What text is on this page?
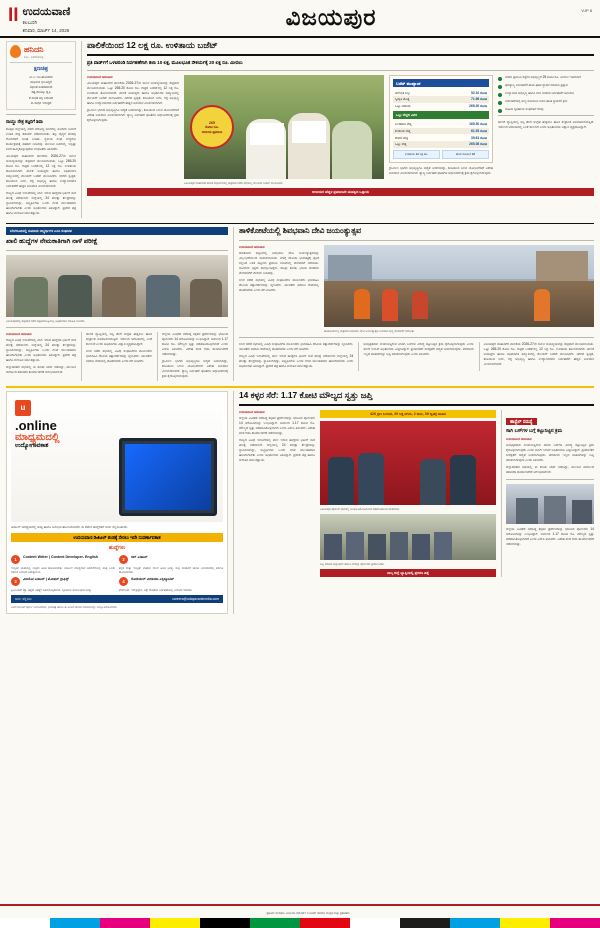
II ಉದಯವಾಣಿ
ಕಲಬುರಗಿ
ಶನಿವಾರ, ಮಾರ್ಚ್ 14, 2026
ವಿಜಯಪುರ	VJP 8
ಹನಿದನಿ
ಓದಿ.. ಬರೆದುಕೊಳ್ಳಿ
ಕ್ಷಣಚಿತ್ರ
ಮಿ ಏ ಇಡಿ ಹೊಸದಾಗಿ
ಸಾಧಿಸುವ ಛಲವಿದ್ದರೆ
ಸಫಲತೆ ಖಚಿತವಾಗಿದೆ
ಕಷ್ಟ ಕಾಲಕ್ಕೂ ಧೃತಿ
ಕೆ ಸಾಧಕ ತನ್ನ ಬದುಕಿದ
ಈ ಸಾಧನ ಇರುತ್ತದೆ
ನಾಯ್ಡು ನೇತ್ರ ತಜ್ಞರಿಗೆ ಶಿವಾ

ಕೊಪ್ಪಳ ಜಿಲ್ಲೆಯಲ್ಲಿ ನಡೆದ ಆರೋಗ್ಯ ಶಿಬಿರದಲ್ಲಿ ನೂರಾರು ಜನರಿಗೆ ಉಚಿತ ನೇತ್ರ ತಪಾಸಣೆ ನಡೆಸಲಾಯಿತು. ತಜ್ಞ ವೈದ್ಯರ ತಂಡವು ರೋಗಿಗಳಿಗೆ ಸಲಹೆ ನೀಡಿತು. ಸ್ಥಳೀಯ ಸಂಘ ಸಂಸ್ಥೆಗಳು ಕಾರ್ಯಕ್ರಮಕ್ಕೆ ಸಹಕಾರ ನೀಡಿದವು. ಮುಂದಿನ ದಿನಗಳಲ್ಲಿ ಇನ್ನಷ್ಟು ಶಿಬಿರ ಹಮ್ಮಿಕೊಳ್ಳುವುದಾಗಿ ಸಂಘಟಕರು ತಿಳಿಸಿದರು.

ವಿಜಯಪುರ ಮಹಾನಗರ ಪಾಲಿಕೆಯ 2026-27ನೇ ಸಾಲಿನ ಆಯವ್ಯಯವನ್ನು ಶುಕ್ರವಾರ ಮಂಡಿಸಲಾಯಿತು. ಒಟ್ಟು 265.20 ಕೋಟಿ ರೂ. ಗಾತ್ರದ ಬಜೆಟ್‌ನಲ್ಲಿ 12 ಲಕ್ಷ ರೂ. ಉಳಿತಾಯ ತೋರಿಸಲಾಗಿದೆ. ಪಾಲಿಕೆ ಆಯುಕ್ತರು ಹಾಗೂ ಅಧಿಕಾರಿಗಳ ಸಮ್ಮುಖದಲ್ಲಿ ಮೇಯರ್ ಬಜೆಟ್ ಮಂಡಿಸಿದರು. ನಗರದ ಸ್ವಚ್ಛತೆ, ಕುಡಿಯುವ ನೀರು, ರಸ್ತೆ ಅಭಿವೃದ್ಧಿ ಹಾಗೂ ಉದ್ಯಾನವನಗಳ ನಿರ್ವಹಣೆಗೆ ಹೆಚ್ಚಿನ ಅನುದಾನ ಮೀಸಲಿಡಲಾಗಿದೆ.

ರಾಜ್ಯದ ವಿವಿಧ ಇಲಾಖೆಗಳಲ್ಲಿ ಖಾಲಿ ಇರುವ ಹುದ್ದೆಗಳ ಭರ್ತಿಗೆ ನಾಳೆ ಪರೀಕ್ಷೆ ನಡೆಯಲಿದೆ. ಜಿಲ್ಲೆಯಲ್ಲಿ 24 ಪರೀಕ್ಷಾ ಕೇಂದ್ರಗಳನ್ನು ಸ್ಥಾಪಿಸಲಾಗಿದ್ದು, ಅಭ್ಯರ್ಥಿಗಳು ಒಂದು ಗಂಟೆ ಮುಂಚಿತವಾಗಿ ಹಾಜರಾಗಬೇಕು ಎಂದು ಅಧಿಕಾರಿಗಳು ತಿಳಿಸಿದ್ದಾರೆ. ಪ್ರವೇಶ ಪತ್ರ ಹಾಗೂ ಗುರುತಿನ ಚೀಟಿ ಕಡ್ಡಾಯ.

ಪಾಲಿಕೆಯಿಂದ 12 ಲಕ್ಷ ರೂ. ಉಳಿತಾಯ ಬಜೆಟ್
ಪ್ರತಿ ವಾರ್ಡ್‌ಗೆ ಒಳಚರಂಡಿ ನಿರ್ವಹಣೆಗಾಗಿ ತಲಾ 10 ಲಕ್ಷ, ಮೂಲಭೂತ ಸೌಕರ್ಯಕ್ಕೆ 20 ಲಕ್ಷ ರೂ. ಮೀಸಲು
ಉದಯವಾಣಿ ಸಮಾಚಾರ

ವಿಜಯಪುರ ಮಹಾನಗರ ಪಾಲಿಕೆಯ 2026-27ನೇ ಸಾಲಿನ ಆಯವ್ಯಯವನ್ನು ಶುಕ್ರವಾರ ಮಂಡಿಸಲಾಯಿತು. ಒಟ್ಟು 265.20 ಕೋಟಿ ರೂ. ಗಾತ್ರದ ಬಜೆಟ್‌ನಲ್ಲಿ 12 ಲಕ್ಷ ರೂ. ಉಳಿತಾಯ ತೋರಿಸಲಾಗಿದೆ. ಪಾಲಿಕೆ ಆಯುಕ್ತರು ಹಾಗೂ ಅಧಿಕಾರಿಗಳ ಸಮ್ಮುಖದಲ್ಲಿ ಮೇಯರ್ ಬಜೆಟ್ ಮಂಡಿಸಿದರು. ನಗರದ ಸ್ವಚ್ಛತೆ, ಕುಡಿಯುವ ನೀರು, ರಸ್ತೆ ಅಭಿವೃದ್ಧಿ ಹಾಗೂ ಉದ್ಯಾನವನಗಳ ನಿರ್ವಹಣೆಗೆ ಹೆಚ್ಚಿನ ಅನುದಾನ ಮೀಸಲಿಡಲಾಗಿದೆ.

ಗ್ರಾಮೀಣ ಭಾಗದ ಅಭಿವೃದ್ಧಿಗೂ ಆದ್ಯತೆ ನೀಡಲಾಗಿದ್ದು, ಕುಡಿಯುವ ನೀರಿನ ಯೋಜನೆಗಳಿಗೆ ವಿಶೇಷ ಅನುದಾನ ಮೀಸಲಿಡಲಾಗಿದೆ. ತ್ಯಾಜ್ಯ ನಿರ್ವಹಣೆ ಘಟಕಗಳ ಆಧುನೀಕರಣಕ್ಕೆ ಕ್ರಮ ಕೈಗೊಳ್ಳಲಾಗುವುದು.

265
ಕೋಟಿ ರೂ.
ಅದಾಯ ಪ್ರಮಾಣ
ವಿಜಯಪುರ ಮಹಾನಗರ ಪಾಲಿಕೆ ಸಭಾಂಗಣದಲ್ಲಿ ಶುಕ್ರವಾರ ನಡೆದ ಸಭೆಯಲ್ಲಿ ಮೇಯರ್ ಬಜೆಟ್ ಮಂಡಿಸಿದರು.
ಬಜೆಟ್ ಮುಖ್ಯಾಂಶ
ಆರಂಭಿಕ ಶಿಲ್ಕು	52.10 ಕೋಟಿ
ಸ್ವೀಕೃತಿ ಮೊತ್ತ	71.96 ಕೋಟಿ
ಒಟ್ಟು ಆದಾಯ	265.20 ಕೋಟಿ
ಒಟ್ಟು ವೆಚ್ಚದ ವಿವರ
ಬಂಡವಾಳ ವೆಚ್ಚ	165.30 ಕೋಟಿ
ಕಂದಾಯ ವೆಚ್ಚ	61.53 ಕೋಟಿ
ಠೇವಣಿ ವೆಚ್ಚ	39.61 ಕೋಟಿ
ಒಟ್ಟು ವೆಚ್ಚ	265.08 ಕೋಟಿ
ಉಳಿತಾಯ 12 ಲಕ್ಷ ರೂ.	ಹೊಸ ಯೋಜನೆ 18

ಗ್ರಾಮೀಣ ಭಾಗದ ಅಭಿವೃದ್ಧಿಗೂ ಆದ್ಯತೆ ನೀಡಲಾಗಿದ್ದು, ಕುಡಿಯುವ ನೀರಿನ ಯೋಜನೆಗಳಿಗೆ ವಿಶೇಷ ಅನುದಾನ ಮೀಸಲಿಡಲಾಗಿದೆ. ತ್ಯಾಜ್ಯ ನಿರ್ವಹಣೆ ಘಟಕಗಳ ಆಧುನೀಕರಣಕ್ಕೆ ಕ್ರಮ ಕೈಗೊಳ್ಳಲಾಗುವುದು.

ನಗರದ ಪ್ರಮುಖ ರಸ್ತೆಗಳ ಅಭಿವೃದ್ಧಿಗೆ 25 ಕೋಟಿ ರೂ. ಮೀಸಲು ಇಡಲಾಗಿದೆ
ಘನತ್ಯಾಜ್ಯ ನಿರ್ವಹಣೆಗೆ ಹೊಸ ಘಟಕ ಸ್ಥಾಪನೆ ಮಾಡುವ ಪ್ರಸ್ತಾವ
ಉದ್ಯಾನವನ ಅಭಿವೃದ್ಧಿ ಹಾಗೂ ಬೀದಿ ದೀಪಗಳ ನಿರ್ವಹಣೆಗೆ ಅನುದಾನ
ಬಡಾವಣೆಗಳಲ್ಲಿ ಶುದ್ಧ ಕುಡಿಯುವ ನೀರಿನ ಘಟಕ ಸ್ಥಾಪನೆಗೆ ಕ್ರಮ
ಮಹಿಳಾ ಸ್ವಸಹಾಯ ಸಂಘಗಳಿಗೆ ನೆರವು

ಪಾಲಿಕೆ ವ್ಯಾಪ್ತಿಯಲ್ಲಿ ಆಸ್ತಿ ತೆರಿಗೆ ಸಂಗ್ರಹ ಹೆಚ್ಚಿಸಲು ಹೊಸ ತಂತ್ರಾಂಶ ಅಳವಡಿಸಲಾಗುತ್ತಿದೆ. ಇದರಿಂದ ಆದಾಯದಲ್ಲಿ ಏರಿಕೆ ಕಾಣಲಿದೆ ಎಂದು ಅಧಿಕಾರಿಗಳು ವಿಶ್ವಾಸ ವ್ಯಕ್ತಪಡಿಸಿದ್ದಾರೆ.

ಆದಾಯದ ಹೆಚ್ಚಳ ಪ್ರಮಾಣವೇ ಮಹತ್ವದ ಒತ್ತಾಯ
ಬೆಂಗಳೂರಿನಲ್ಲಿ ಸುಮಾರು ಅಭ್ಯರ್ಥಿಗಳ ಎಸಿಸಿ ಸಂಘಟಿತ
ಖಾಲಿ ಹುದ್ದೆಗಳ ನೇಮಕಾತಿಗಾಗಿ ನಾಳೆ ಪರೀಕ್ಷೆ
ವಿಜಯಪುರದಲ್ಲಿ ಶುಕ್ರವಾರ ನಡೆದ ಪತ್ರಿಕಾಗೋಷ್ಠಿಯಲ್ಲಿ ಅಧಿಕಾರಿಗಳು ಮಾಹಿತಿ ನೀಡಿದರು.
ಉದಯವಾಣಿ ಸಮಾಚಾರ

ರಾಜ್ಯದ ವಿವಿಧ ಇಲಾಖೆಗಳಲ್ಲಿ ಖಾಲಿ ಇರುವ ಹುದ್ದೆಗಳ ಭರ್ತಿಗೆ ನಾಳೆ ಪರೀಕ್ಷೆ ನಡೆಯಲಿದೆ. ಜಿಲ್ಲೆಯಲ್ಲಿ 24 ಪರೀಕ್ಷಾ ಕೇಂದ್ರಗಳನ್ನು ಸ್ಥಾಪಿಸಲಾಗಿದ್ದು, ಅಭ್ಯರ್ಥಿಗಳು ಒಂದು ಗಂಟೆ ಮುಂಚಿತವಾಗಿ ಹಾಜರಾಗಬೇಕು ಎಂದು ಅಧಿಕಾರಿಗಳು ತಿಳಿಸಿದ್ದಾರೆ. ಪ್ರವೇಶ ಪತ್ರ ಹಾಗೂ ಗುರುತಿನ ಚೀಟಿ ಕಡ್ಡಾಯ.

ಜಿಲ್ಲಾಡಳಿತದ ಸಭೆಯಲ್ಲಿ ಈ ಕುರಿತು ಚರ್ಚೆ ನಡೆದಿದ್ದು, ಮುಂದಿನ ವಾರದಿಂದ ತಪಾಸಣಾ ಕಾರ್ಯಾಚರಣೆ ಆರಂಭವಾಗಲಿದೆ.

ಪಾಲಿಕೆ ವ್ಯಾಪ್ತಿಯಲ್ಲಿ ಆಸ್ತಿ ತೆರಿಗೆ ಸಂಗ್ರಹ ಹೆಚ್ಚಿಸಲು ಹೊಸ ತಂತ್ರಾಂಶ ಅಳವಡಿಸಲಾಗುತ್ತಿದೆ. ಇದರಿಂದ ಆದಾಯದಲ್ಲಿ ಏರಿಕೆ ಕಾಣಲಿದೆ ಎಂದು ಅಧಿಕಾರಿಗಳು ವಿಶ್ವಾಸ ವ್ಯಕ್ತಪಡಿಸಿದ್ದಾರೆ.

ಸಂಜೆ ನಡೆದ ಸಭೆಯಲ್ಲಿ ವಿವಿಧ ಸಂಘಟನೆಗಳ ಮುಖಂಡರು ಭಾಗವಹಿಸಿ ದೇವಿಯ ತತ್ವಾದರ್ಶಗಳನ್ನು ಸ್ಮರಿಸಿದರು. ಯುವಕರು ಸಮಾಜ ಸೇವೆಯಲ್ಲಿ ತೊಡಗಬೇಕು ಎಂದು ಕರೆ ನೀಡಿದರು.

ಜಿಲ್ಲೆಯ ವಿವಿಧೆಡೆ ನಡೆದಿದ್ದ ಕಳ್ಳತನ ಪ್ರಕರಣಗಳನ್ನು ಭೇದಿಸಿದ ಪೊಲೀಸರು 14 ಆರೋಪಿಗಳನ್ನು ಬಂಧಿಸಿದ್ದಾರೆ. ಅವರಿಂದ 1.17 ಕೋಟಿ ರೂ. ಮೌಲ್ಯದ ಸ್ವತ್ತು ವಶಪಡಿಸಿಕೊಳ್ಳಲಾಗಿದೆ ಎಂದು ಎಸ್‌ಪಿ ತಿಳಿಸಿದರು. ವಿಶೇಷ ತಂಡ ರಚಿಸಿ ಕಾರ್ಯಾಚರಣೆ ನಡೆಸಲಾಗಿತ್ತು.

ಗ್ರಾಮೀಣ ಭಾಗದ ಅಭಿವೃದ್ಧಿಗೂ ಆದ್ಯತೆ ನೀಡಲಾಗಿದ್ದು, ಕುಡಿಯುವ ನೀರಿನ ಯೋಜನೆಗಳಿಗೆ ವಿಶೇಷ ಅನುದಾನ ಮೀಸಲಿಡಲಾಗಿದೆ. ತ್ಯಾಜ್ಯ ನಿರ್ವಹಣೆ ಘಟಕಗಳ ಆಧುನೀಕರಣಕ್ಕೆ ಕ್ರಮ ಕೈಗೊಳ್ಳಲಾಗುವುದು.

ತಾಳಿಕೋಟೆಯಲ್ಲಿ ಶಿವಭವಾನಿ ದೇವಿ ಜಯಂತ್ಯುತ್ಸವ
ಉದಯವಾಣಿ ಸಮಾಚಾರ

ತಾಳಿಕೋಟೆ ಪಟ್ಟಣದಲ್ಲಿ ಶಿವಭವಾನಿ ದೇವಿ ಜಯಂತ್ಯುತ್ಸವವನ್ನು ವಿಜೃಂಭಣೆಯಿಂದ ಆಚರಿಸಲಾಯಿತು. ಬೆಳಗ್ಗೆ ದೇವಿಯ ಭಾವಚಿತ್ರಕ್ಕೆ ಪೂಜೆ ಸಲ್ಲಿಸಿದ ಬಳಿಕ ಪಟ್ಟಣದ ಪ್ರಮುಖ ಬೀದಿಗಳಲ್ಲಿ ಮೆರವಣಿಗೆ ನಡೆಯಿತು. ಸಾವಿರಾರು ಭಕ್ತರು ಪಾಲ್ಗೊಂಡಿದ್ದರು. ಡೊಳ್ಳು ಕುಣಿತ, ಭಜನಾ ತಂಡಗಳು ಮೆರವಣಿಗೆಗೆ ಮೆರುಗು ನೀಡಿದವು.

ಸಂಜೆ ನಡೆದ ಸಭೆಯಲ್ಲಿ ವಿವಿಧ ಸಂಘಟನೆಗಳ ಮುಖಂಡರು ಭಾಗವಹಿಸಿ ದೇವಿಯ ತತ್ವಾದರ್ಶಗಳನ್ನು ಸ್ಮರಿಸಿದರು. ಯುವಕರು ಸಮಾಜ ಸೇವೆಯಲ್ಲಿ ತೊಡಗಬೇಕು ಎಂದು ಕರೆ ನೀಡಿದರು.

ತಾಳಿಕೋಟೆಯಲ್ಲಿ ಶುಕ್ರವಾರ ಶಿವಭವಾನಿ ದೇವಿ ಜಯಂತ್ಯುತ್ಸವ ಅಂಗವಾಗಿ ಭವ್ಯ ಮೆರವಣಿಗೆ ನಡೆಯಿತು.

ಸಂಜೆ ನಡೆದ ಸಭೆಯಲ್ಲಿ ವಿವಿಧ ಸಂಘಟನೆಗಳ ಮುಖಂಡರು ಭಾಗವಹಿಸಿ ದೇವಿಯ ತತ್ವಾದರ್ಶಗಳನ್ನು ಸ್ಮರಿಸಿದರು. ಯುವಕರು ಸಮಾಜ ಸೇವೆಯಲ್ಲಿ ತೊಡಗಬೇಕು ಎಂದು ಕರೆ ನೀಡಿದರು.

ರಾಜ್ಯದ ವಿವಿಧ ಇಲಾಖೆಗಳಲ್ಲಿ ಖಾಲಿ ಇರುವ ಹುದ್ದೆಗಳ ಭರ್ತಿಗೆ ನಾಳೆ ಪರೀಕ್ಷೆ ನಡೆಯಲಿದೆ. ಜಿಲ್ಲೆಯಲ್ಲಿ 24 ಪರೀಕ್ಷಾ ಕೇಂದ್ರಗಳನ್ನು ಸ್ಥಾಪಿಸಲಾಗಿದ್ದು, ಅಭ್ಯರ್ಥಿಗಳು ಒಂದು ಗಂಟೆ ಮುಂಚಿತವಾಗಿ ಹಾಜರಾಗಬೇಕು ಎಂದು ಅಧಿಕಾರಿಗಳು ತಿಳಿಸಿದ್ದಾರೆ. ಪ್ರವೇಶ ಪತ್ರ ಹಾಗೂ ಗುರುತಿನ ಚೀಟಿ ಕಡ್ಡಾಯ.

ಅನಧಿಕೃತವಾಗಿ ಸಂಚರಿಸುತ್ತಿರುವ ಖಾಸಗಿ ಬಸ್‌ಗಳ ವಿರುದ್ಧ ಕಟ್ಟುನಿಟ್ಟಿನ ಕ್ರಮ ಕೈಗೊಳ್ಳಲಾಗುವುದು ಎಂದು ಸಾರಿಗೆ ಇಲಾಖೆ ಅಧಿಕಾರಿಗಳು ಎಚ್ಚರಿಸಿದ್ದಾರೆ. ಪ್ರಯಾಣಿಕರ ಸುರಕ್ಷತೆಗೆ ಆದ್ಯತೆ ನೀಡಲಾಗುವುದು. ಪರವಾನಗಿ ಇಲ್ಲದ ವಾಹನಗಳನ್ನು ಜಪ್ತಿ ಮಾಡಲಾಗುವುದು ಎಂದು ತಿಳಿಸಿದರು.

ವಿಜಯಪುರ ಮಹಾನಗರ ಪಾಲಿಕೆಯ 2026-27ನೇ ಸಾಲಿನ ಆಯವ್ಯಯವನ್ನು ಶುಕ್ರವಾರ ಮಂಡಿಸಲಾಯಿತು. ಒಟ್ಟು 265.20 ಕೋಟಿ ರೂ. ಗಾತ್ರದ ಬಜೆಟ್‌ನಲ್ಲಿ 12 ಲಕ್ಷ ರೂ. ಉಳಿತಾಯ ತೋರಿಸಲಾಗಿದೆ. ಪಾಲಿಕೆ ಆಯುಕ್ತರು ಹಾಗೂ ಅಧಿಕಾರಿಗಳ ಸಮ್ಮುಖದಲ್ಲಿ ಮೇಯರ್ ಬಜೆಟ್ ಮಂಡಿಸಿದರು. ನಗರದ ಸ್ವಚ್ಛತೆ, ಕುಡಿಯುವ ನೀರು, ರಸ್ತೆ ಅಭಿವೃದ್ಧಿ ಹಾಗೂ ಉದ್ಯಾನವನಗಳ ನಿರ್ವಹಣೆಗೆ ಹೆಚ್ಚಿನ ಅನುದಾನ ಮೀಸಲಿಡಲಾಗಿದೆ.

u
.online
ಮಾಧ್ಯಮದಲ್ಲಿ
ಉದ್ಯೋಗಾವಕಾಶ

ಡಿಜಿಟಲ್ ಮಾಧ್ಯಮದಲ್ಲಿ ಆಸಕ್ತಿ ಹಾಗೂ ಅನುಭವ ಹೊಂದಿರುವವರು ಈ ಕೆಳಗಿನ ಹುದ್ದೆಗಳಿಗೆ ಅರ್ಜಿ ಸಲ್ಲಿಸಬಹುದು.

ಉದಯವಾಣಿ ಡಿಜಿಟಲ್ ತಂಡಕ್ಕೆ ಸೇರಲು ಇದೇ ಸುವರ್ಣಾವಕಾಶ
ಹುದ್ದೆಗಳು
1	Content Writer | Content Developer- English
ಇಂಗ್ಲಿಷ್ ಭಾಷೆಯಲ್ಲಿ ಉತ್ತಮ ಹಿಡಿತ ಹೊಂದಿರಬೇಕು. ಡಿಜಿಟಲ್ ಮಾಧ್ಯಮದ ಬರವಣಿಗೆಯಲ್ಲಿ ಕನಿಷ್ಠ ಒಂದು ವರ್ಷದ ಅನುಭವ ಅಪೇಕ್ಷಣೀಯ.
2	ಸಬ್ ಎಡಿಟರ್
ಕನ್ನಡ ಮತ್ತು ಇಂಗ್ಲಿಷ್ ಭಾಷೆಯ ಮೇಲೆ ಹಿಡಿತ ಅಗತ್ಯ. ಸುದ್ದಿ ಸಂಪಾದನೆ ಹಾಗೂ ಅನುವಾದದಲ್ಲಿ ಪರಿಣತಿ ಹೊಂದಿರಬೇಕು.
3	ವಿಡಿಯೋ ಎಡಿಟರ್ | ಮೋಷನ್ ಗ್ರಾಫಿಕ್ಸ್
ಪ್ರೀಮಿಯರ್ ಪ್ರೊ, ಆಫ್ಟರ್ ಎಫೆಕ್ಟ್ಸ್ ಬಳಕೆ ಗೊತ್ತಿರಬೇಕು. ಸೃಜನಶೀಲ ಮನೋಭಾವ ಅಗತ್ಯ.
4	ಸೋಶಿಯಲ್ ಮೀಡಿಯಾ ಎಕ್ಸಿಕ್ಯೂಟಿವ್
ಫೇಸ್‌ಬುಕ್, ಇನ್‌ಸ್ಟಾಗ್ರಾಂ, ಎಕ್ಸ್ ವೇದಿಕೆಗಳ ನಿರ್ವಹಣೆಯಲ್ಲಿ ಅನುಭವ ಇರಬೇಕು.
ಅರ್ಜಿ ಸಲ್ಲಿಸಲು	careers@udayavanimedia.com
ಅರ್ಜಿಯೊಂದಿಗೆ ಪೂರ್ಣ ಬಯೋಡೇಟಾ, ಭಾವಚಿತ್ರ ಹಾಗೂ ಈ ಹಿಂದಿನ ಕೆಲಸದ ಮಾದರಿಗಳನ್ನು ಲಗತ್ತಿಸಿ ಕಳುಹಿಸಬೇಕು.
14 ಕಳ್ಳರ ಸೆರೆ: 1.17 ಕೋಟಿ ಮೌಲ್ಯದ ಸ್ವತ್ತು ಜಪ್ತಿ
ಉದಯವಾಣಿ ಸಮಾಚಾರ

ಜಿಲ್ಲೆಯ ವಿವಿಧೆಡೆ ನಡೆದಿದ್ದ ಕಳ್ಳತನ ಪ್ರಕರಣಗಳನ್ನು ಭೇದಿಸಿದ ಪೊಲೀಸರು 14 ಆರೋಪಿಗಳನ್ನು ಬಂಧಿಸಿದ್ದಾರೆ. ಅವರಿಂದ 1.17 ಕೋಟಿ ರೂ. ಮೌಲ್ಯದ ಸ್ವತ್ತು ವಶಪಡಿಸಿಕೊಳ್ಳಲಾಗಿದೆ ಎಂದು ಎಸ್‌ಪಿ ತಿಳಿಸಿದರು. ವಿಶೇಷ ತಂಡ ರಚಿಸಿ ಕಾರ್ಯಾಚರಣೆ ನಡೆಸಲಾಗಿತ್ತು.

ರಾಜ್ಯದ ವಿವಿಧ ಇಲಾಖೆಗಳಲ್ಲಿ ಖಾಲಿ ಇರುವ ಹುದ್ದೆಗಳ ಭರ್ತಿಗೆ ನಾಳೆ ಪರೀಕ್ಷೆ ನಡೆಯಲಿದೆ. ಜಿಲ್ಲೆಯಲ್ಲಿ 24 ಪರೀಕ್ಷಾ ಕೇಂದ್ರಗಳನ್ನು ಸ್ಥಾಪಿಸಲಾಗಿದ್ದು, ಅಭ್ಯರ್ಥಿಗಳು ಒಂದು ಗಂಟೆ ಮುಂಚಿತವಾಗಿ ಹಾಜರಾಗಬೇಕು ಎಂದು ಅಧಿಕಾರಿಗಳು ತಿಳಿಸಿದ್ದಾರೆ. ಪ್ರವೇಶ ಪತ್ರ ಹಾಗೂ ಗುರುತಿನ ಚೀಟಿ ಕಡ್ಡಾಯ.

426 ಗ್ರಾಂ ಬಂಗಾರ, 20 ಲಕ್ಷ ನಗದು, 2 ಕಾರು, 39 ದ್ವಿಚಕ್ರ ವಾಹನ
ವಿಜಯಪುರ ಪೊಲೀಸ್ ಧಾನದಲ್ಲಿ ಬಂಧಿತ ಆರೋಪಿಗಳಿಂದ ವಶಪಡಿಸಿಕೊಂಡ ವಾಹನಗಳು.
ಜಪ್ತಿ ಮಾಡಿದ ಚಿನ್ನಾಭರಣ ಹಾಗೂ ನಗದನ್ನು ಪೊಲೀಸರು ಪ್ರದರ್ಶಿಸಿದರು.
ನಾಲ್ಕ ಜಿಲ್ಲೆ ವ್ಯಾಪ್ತಿಯಲ್ಲಿ ಪ್ರಕರಣ ಪತ್ತೆ
ಹಾಸ್ಟೆಲ್ ಸಮಸ್ಯೆ
ಸಾಗಿ ಬಸ್‌ಗಳ ಬಗ್ಗೆ ಕಟ್ಟುನಿಟ್ಟಿನ ಕ್ರಮ
ಉದಯವಾಣಿ ಸಮಾಚಾರ

ಅನಧಿಕೃತವಾಗಿ ಸಂಚರಿಸುತ್ತಿರುವ ಖಾಸಗಿ ಬಸ್‌ಗಳ ವಿರುದ್ಧ ಕಟ್ಟುನಿಟ್ಟಿನ ಕ್ರಮ ಕೈಗೊಳ್ಳಲಾಗುವುದು ಎಂದು ಸಾರಿಗೆ ಇಲಾಖೆ ಅಧಿಕಾರಿಗಳು ಎಚ್ಚರಿಸಿದ್ದಾರೆ. ಪ್ರಯಾಣಿಕರ ಸುರಕ್ಷತೆಗೆ ಆದ್ಯತೆ ನೀಡಲಾಗುವುದು. ಪರವಾನಗಿ ಇಲ್ಲದ ವಾಹನಗಳನ್ನು ಜಪ್ತಿ ಮಾಡಲಾಗುವುದು ಎಂದು ತಿಳಿಸಿದರು.

ಜಿಲ್ಲಾಡಳಿತದ ಸಭೆಯಲ್ಲಿ ಈ ಕುರಿತು ಚರ್ಚೆ ನಡೆದಿದ್ದು, ಮುಂದಿನ ವಾರದಿಂದ ತಪಾಸಣಾ ಕಾರ್ಯಾಚರಣೆ ಆರಂಭವಾಗಲಿದೆ.

ಜಿಲ್ಲೆಯ ವಿವಿಧೆಡೆ ನಡೆದಿದ್ದ ಕಳ್ಳತನ ಪ್ರಕರಣಗಳನ್ನು ಭೇದಿಸಿದ ಪೊಲೀಸರು 14 ಆರೋಪಿಗಳನ್ನು ಬಂಧಿಸಿದ್ದಾರೆ. ಅವರಿಂದ 1.17 ಕೋಟಿ ರೂ. ಮೌಲ್ಯದ ಸ್ವತ್ತು ವಶಪಡಿಸಿಕೊಳ್ಳಲಾಗಿದೆ ಎಂದು ಎಸ್‌ಪಿ ತಿಳಿಸಿದರು. ವಿಶೇಷ ತಂಡ ರಚಿಸಿ ಕಾರ್ಯಾಚರಣೆ ನಡೆಸಲಾಗಿತ್ತು.

ಪ್ರಕಟಣೆ: ಮಣಿಪಾಲ ಮೀಡಿಯಾ ನೆಟ್‌ವರ್ಕ್ ಲಿಮಿಟೆಡ್ ಪರವಾಗಿ ಮುದ್ರಕ ಮತ್ತು ಪ್ರಕಾಶಕರು
